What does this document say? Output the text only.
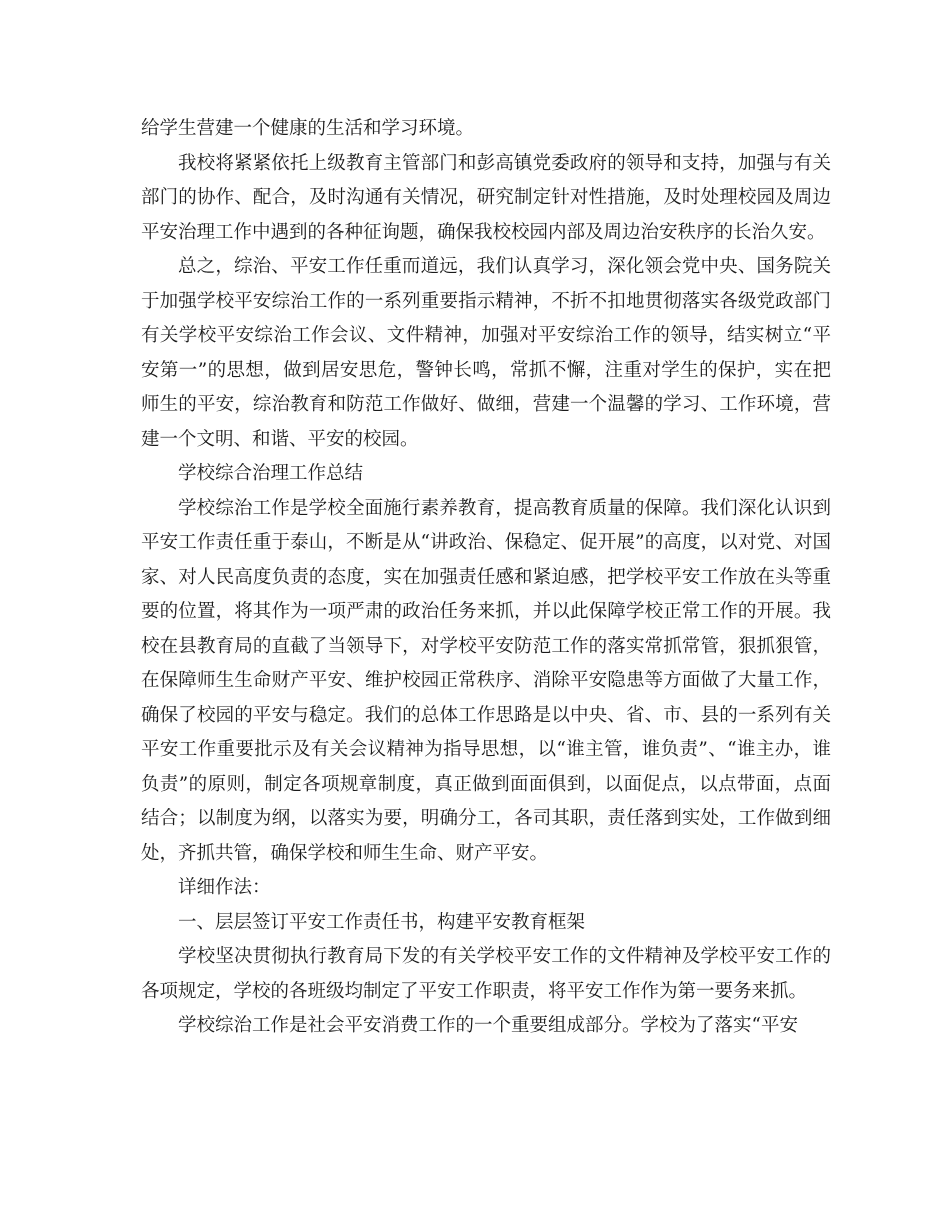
给学生营建一个健康的生活和学习环境。

我校将紧紧依托上级教育主管部门和彭高镇党委政府的领导和支持，加强与有关部门的协作、配合，及时沟通有关情况，研究制定针对性措施，及时处理校园及周边平安治理工作中遇到的各种征询题，确保我校校园内部及周边治安秩序的长治久安。

总之，综治、平安工作任重而道远，我们认真学习，深化领会党中央、国务院关于加强学校平安综治工作的一系列重要指示精神，不折不扣地贯彻落实各级党政部门有关学校平安综治工作会议、文件精神，加强对平安综治工作的领导，结实树立“平安第一”的思想，做到居安思危，警钟长鸣，常抓不懈，注重对学生的保护，实在把师生的平安，综治教育和防范工作做好、做细，营建一个温馨的学习、工作环境，营建一个文明、和谐、平安的校园。

学校综合治理工作总结

学校综治工作是学校全面施行素养教育，提高教育质量的保障。我们深化认识到平安工作责任重于泰山，不断是从“讲政治、保稳定、促开展”的高度，以对党、对国家、对人民高度负责的态度，实在加强责任感和紧迫感，把学校平安工作放在头等重要的位置，将其作为一项严肃的政治任务来抓，并以此保障学校正常工作的开展。我校在县教育局的直截了当领导下，对学校平安防范工作的落实常抓常管，狠抓狠管，在保障师生生命财产平安、维护校园正常秩序、消除平安隐患等方面做了大量工作，确保了校园的平安与稳定。我们的总体工作思路是以中央、省、市、县的一系列有关平安工作重要批示及有关会议精神为指导思想，以“谁主管，谁负责”、“谁主办，谁负责”的原则，制定各项规章制度，真正做到面面俱到，以面促点，以点带面，点面结合；以制度为纲，以落实为要，明确分工，各司其职，责任落到实处，工作做到细处，齐抓共管，确保学校和师生生命、财产平安。

详细作法：

一、层层签订平安工作责任书，构建平安教育框架

学校坚决贯彻执行教育局下发的有关学校平安工作的文件精神及学校平安工作的各项规定，学校的各班级均制定了平安工作职责，将平安工作作为第一要务来抓。

学校综治工作是社会平安消费工作的一个重要组成部分。学校为了落实“平安
